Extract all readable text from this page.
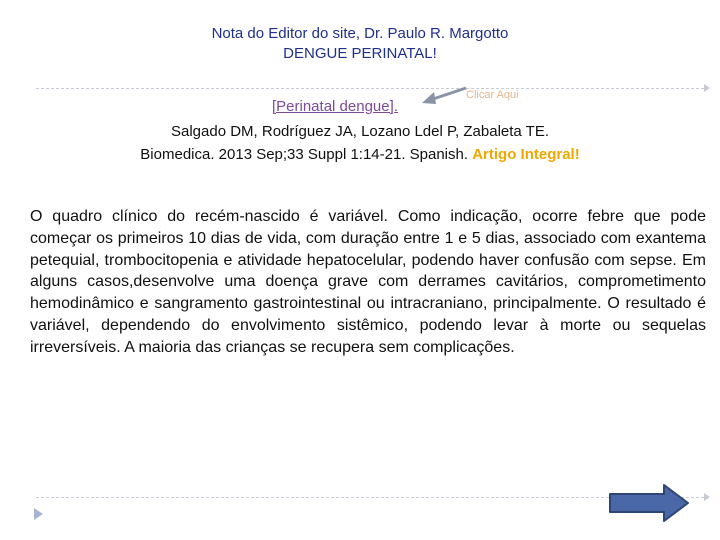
Nota do Editor do site, Dr. Paulo R. Margotto
DENGUE PERINATAL!
Clicar Aqui
[Perinatal dengue].
Salgado DM, Rodríguez JA, Lozano Ldel P, Zabaleta TE.
Biomedica. 2013 Sep;33 Suppl 1:14-21. Spanish. Artigo Integral!
O quadro clínico do recém-nascido é variável. Como indicação, ocorre febre que pode começar os primeiros 10 dias de vida, com duração entre 1 e 5 dias, associado com exantema petequial, trombocitopenia e atividade hepatocelular, podendo haver confusão com sepse. Em alguns casos,desenvolve uma doença grave com derrames cavitários, comprometimento hemodinâmico e sangramento gastrointestinal ou intracraniano, principalmente. O resultado é variável, dependendo do envolvimento sistêmico, podendo levar à morte ou sequelas irreversíveis. A maioria das crianças se recupera sem complicações.
